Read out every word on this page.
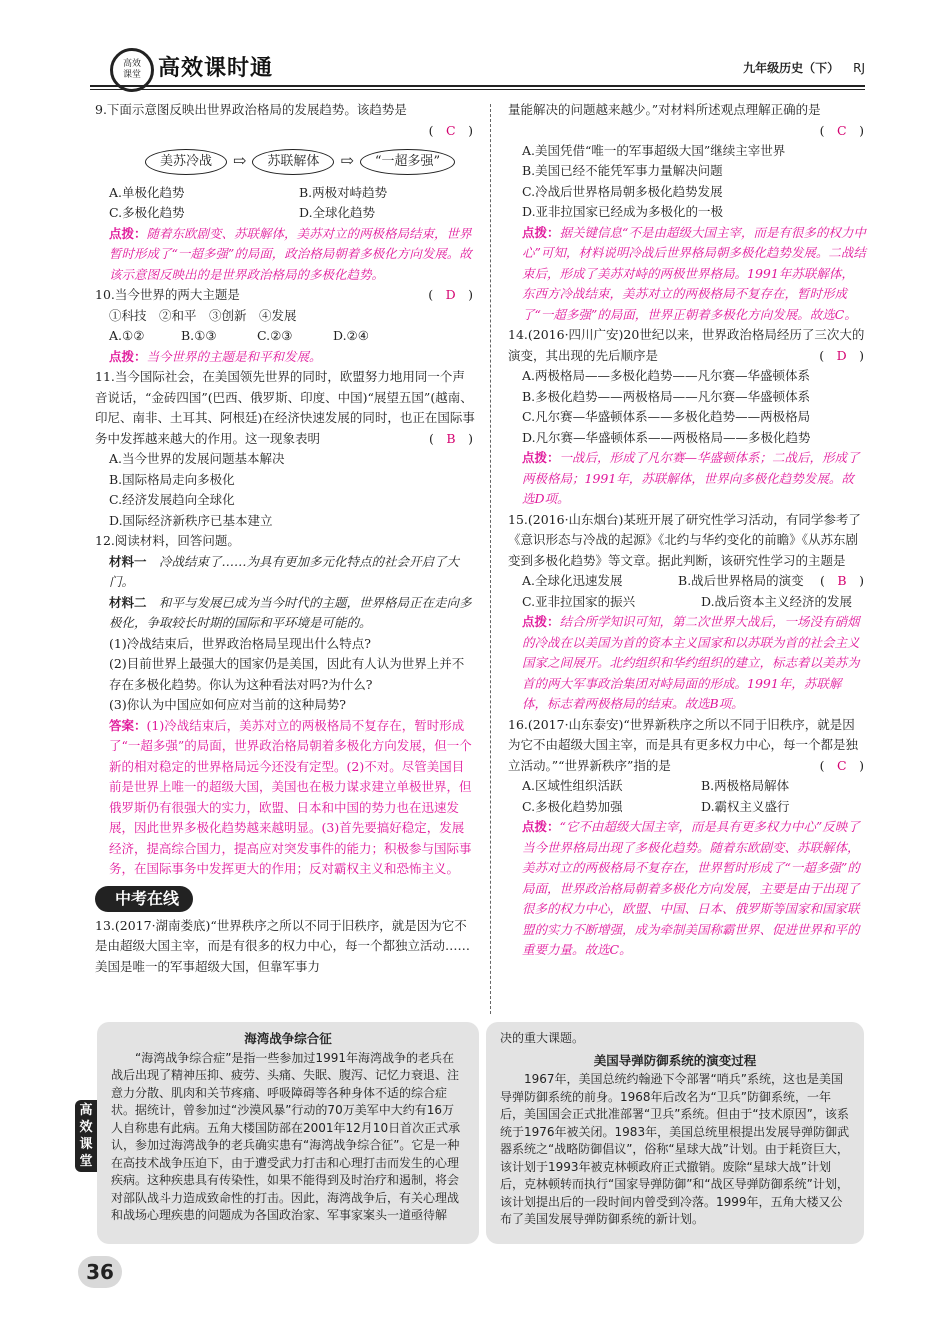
高效课堂 高效课时通	九年级历史（下） RJ
9.下面示意图反映出世界政治格局的发展趋势。该趋势是
(　C　)
美苏冷战	⇨	苏联解体	⇨	“一超多强”
A.单极化趋势	B.两极对峙趋势
C.多极化趋势	D.全球化趋势
点拨：随着东欧剧变、苏联解体，美苏对立的两极格局结束，世界暂时形成了“一超多强”的局面，政治格局朝着多极化方向发展。故该示意图反映出的是世界政治格局的多极化趋势。
10.当今世界的两大主题是	(　D　)
①科技　②和平　③创新　④发展
A.①②	B.①③	C.②③	D.②④
点拨：当今世界的主题是和平和发展。
11.当今国际社会，在美国领先世界的同时，欧盟努力地用同一个声音说话，“金砖四国”(巴西、俄罗斯、印度、中国)“展望五国”(越南、印尼、南非、土耳其、阿根廷)在经济快速发展的同时，也正在国际事务中发挥越来越大的作用。这一现象表明	(　B　)
A.当今世界的发展问题基本解决
B.国际格局走向多极化
C.经济发展趋向全球化
D.国际经济新秩序已基本建立
12.阅读材料，回答问题。
材料一　 冷战结束了……为具有更加多元化特点的社会开启了大门。
材料二　 和平与发展已成为当今时代的主题，世界格局正在走向多极化，争取较长时期的国际和平环境是可能的。
(1)冷战结束后，世界政治格局呈现出什么特点?
(2)目前世界上最强大的国家仍是美国，因此有人认为世界上并不存在多极化趋势。你认为这种看法对吗?为什么?
(3)你认为中国应如何应对当前的这种局势?
答案：(1)冷战结束后，美苏对立的两极格局不复存在，暂时形成了“一超多强”的局面，世界政治格局朝着多极化方向发展，但一个新的相对稳定的世界格局远今还没有定型。(2)不对。尽管美国目前是世界上唯一的超级大国，美国也在极力谋求建立单极世界，但俄罗斯仍有很强大的实力，欧盟、日本和中国的势力也在迅速发展，因此世界多极化趋势越来越明显。(3)首先要搞好稳定，发展经济，提高综合国力，提高应对突发事件的能力；积极参与国际事务，在国际事务中发挥更大的作用；反对霸权主义和恐怖主义。
中考在线
13.(2017·湖南娄底)“世界秩序之所以不同于旧秩序，就是因为它不是由超级大国主宰，而是有很多的权力中心，每一个都独立活动……美国是唯一的军事超级大国，但靠军事力
量能解决的问题越来越少。”对材料所述观点理解正确的是
(　C　)
A.美国凭借“唯一的军事超级大国”继续主宰世界
B.美国已经不能凭军事力量解决问题
C.冷战后世界格局朝多极化趋势发展
D.亚非拉国家已经成为多极化的一极
点拨：据关键信息“不是由超级大国主宰，而是有很多的权力中心”可知，材料说明冷战后世界格局朝多极化趋势发展。二战结束后，形成了美苏对峙的两极世界格局。1991年苏联解体，东西方冷战结束，美苏对立的两极格局不复存在，暂时形成了“一超多强”的局面，世界正朝着多极化方向发展。故选C。
14.(2016·四川广安)20世纪以来，世界政治格局经历了三次大的演变，其出现的先后顺序是	(　D　)
A.两极格局——多极化趋势——凡尔赛—华盛顿体系
B.多极化趋势——两极格局——凡尔赛—华盛顿体系
C.凡尔赛—华盛顿体系——多极化趋势——两极格局
D.凡尔赛—华盛顿体系——两极格局——多极化趋势
点拨：一战后，形成了凡尔赛—华盛顿体系；二战后，形成了两极格局；1991年，苏联解体，世界向多极化趋势发展。故选D项。
15.(2016·山东烟台)某班开展了研究性学习活动，有同学参考了《意识形态与冷战的起源》《北约与华约变化的前瞻》《从苏东剧变到多极化趋势》等文章。据此判断，该研究性学习的主题是
(　B　)
A.全球化迅速发展	B.战后世界格局的演变
C.亚非拉国家的振兴	D.战后资本主义经济的发展
点拨：结合所学知识可知，第二次世界大战后，一场没有硝烟的冷战在以美国为首的资本主义国家和以苏联为首的社会主义国家之间展开。北约组织和华约组织的建立，标志着以美苏为首的两大军事政治集团对峙局面的形成。1991年，苏联解体，标志着两极格局的结束。故选B项。
16.(2017·山东泰安)“世界新秩序之所以不同于旧秩序，就是因为它不由超级大国主宰，而是具有更多权力中心，每一个都是独立活动。”“世界新秩序”指的是	(　C　)
A.区域性组织活跃	B.两极格局解体
C.多极化趋势加强	D.霸权主义盛行
点拨：“它不由超级大国主宰，而是具有更多权力中心”反映了当今世界格局出现了多极化趋势。随着东欧剧变、苏联解体，美苏对立的两极格局不复存在，世界暂时形成了“一超多强”的局面，世界政治格局朝着多极化方向发展，主要是由于出现了很多的权力中心，欧盟、中国、日本、俄罗斯等国家和国家联盟的实力不断增强，成为牵制美国称霸世界、促进世界和平的重要力量。故选C。
海湾战争综合征

“海湾战争综合症”是指一些参加过1991年海湾战争的老兵在战后出现了精神压抑、疲劳、头痛、失眠、腹泻、记忆力衰退、注意力分散、肌肉和关节疼痛、呼吸障碍等各种身体不适的综合症状。据统计，曾参加过“沙漠风暴”行动的70万美军中大约有16万人自称患有此病。五角大楼国防部在2001年12月10日首次正式承认，参加过海湾战争的老兵确实患有“海湾战争综合征”。它是一种在高技术战争压迫下，由于遭受武力打击和心理打击而发生的心理疾病。这种疾患具有传染性，如果不能得到及时治疗和遏制，将会对部队战斗力造成致命性的打击。因此，海湾战争后，有关心理战和战场心理疾患的问题成为各国政治家、军事家案头一道亟待解

决的重大课题。
美国导弹防御系统的演变过程

1967年，美国总统约翰逊下令部署“哨兵”系统，这也是美国导弹防御系统的前身。1968年后改名为“卫兵”防御系统，一年后，美国国会正式批准部署“卫兵”系统。但由于“技术原因”，该系统于1976年被关闭。1983年，美国总统里根提出发展导弹防御武器系统之“战略防御倡议”，俗称“星球大战”计划。由于耗资巨大，该计划于1993年被克林顿政府正式撤销。废除“星球大战”计划后，克林顿转而执行“国家导弹防御”和“战区导弹防御系统”计划，该计划提出后的一段时间内曾受到冷落。1999年，五角大楼又公布了美国发展导弹防御系统的新计划。

高效课堂
36
